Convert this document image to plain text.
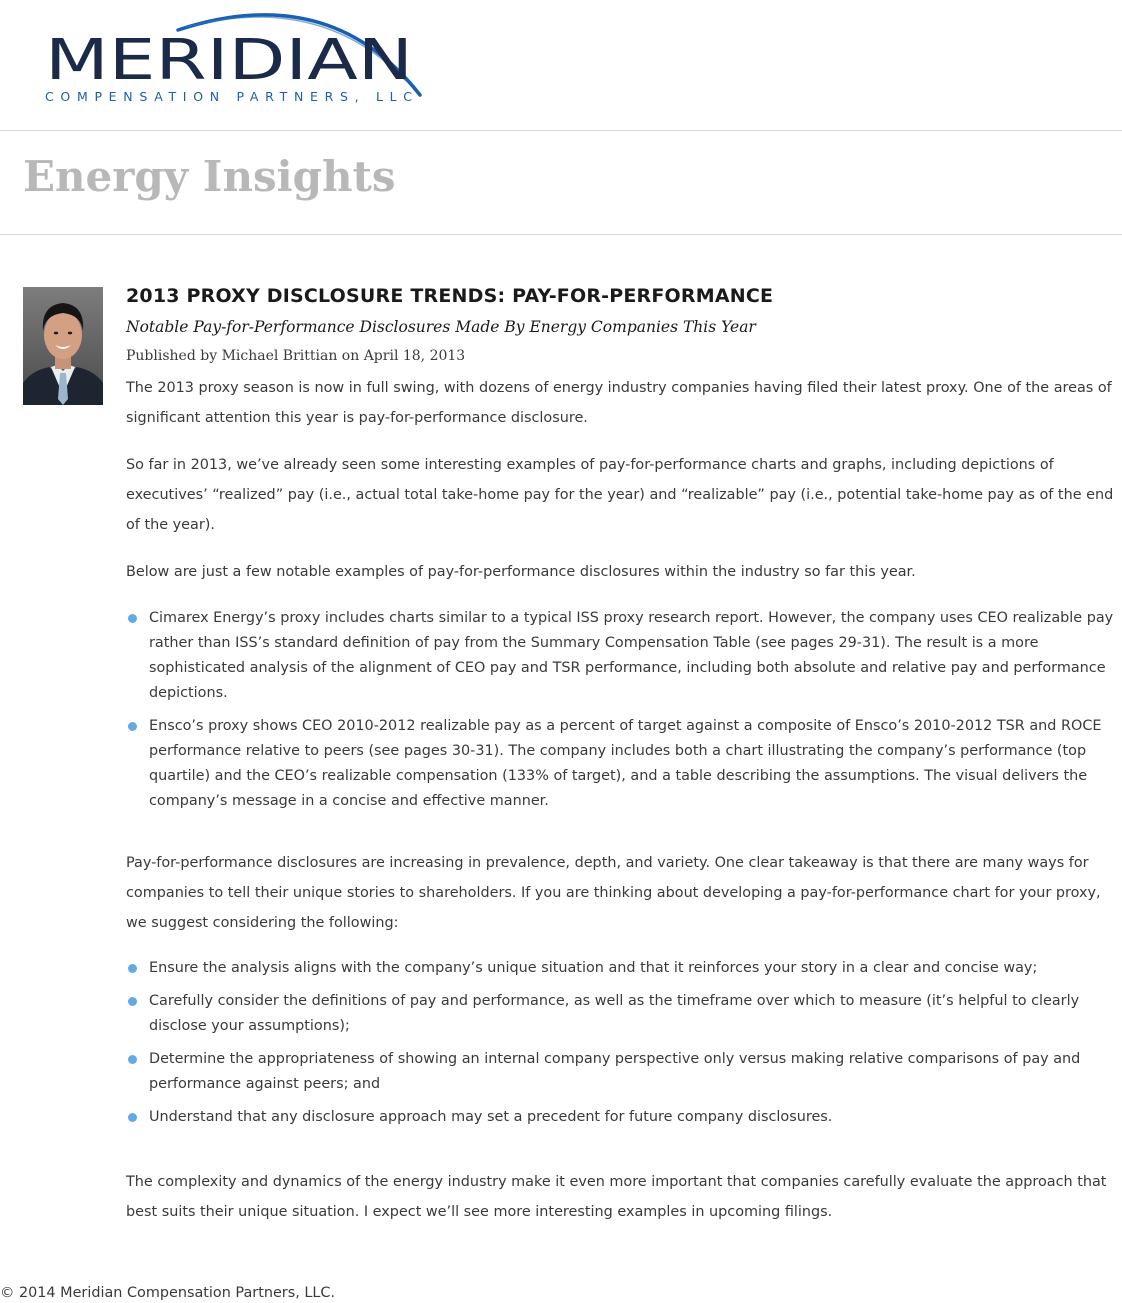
MERIDIAN
COMPENSATION PARTNERS, LLC
Energy Insights
2013 PROXY DISCLOSURE TRENDS: PAY-FOR-PERFORMANCE
Notable Pay-for-Performance Disclosures Made By Energy Companies This Year
Published by Michael Brittian on April 18, 2013

The 2013 proxy season is now in full swing, with dozens of energy industry companies having filed their latest proxy. One of the areas of significant attention this year is pay-for-performance disclosure.

So far in 2013, we’ve already seen some interesting examples of pay-for-performance charts and graphs, including depictions of executives’ “realized” pay (i.e., actual total take-home pay for the year) and “realizable” pay (i.e., potential take-home pay as of the end of the year).

Below are just a few notable examples of pay-for-performance disclosures within the industry so far this year.

Cimarex Energy’s proxy includes charts similar to a typical ISS proxy research report. However, the company uses CEO realizable pay rather than ISS’s standard definition of pay from the Summary Compensation Table (see pages 29-31). The result is a more sophisticated analysis of the alignment of CEO pay and TSR performance, including both absolute and relative pay and performance depictions.
Ensco’s proxy shows CEO 2010-2012 realizable pay as a percent of target against a composite of Ensco’s 2010-2012 TSR and ROCE performance relative to peers (see pages 30-31). The company includes both a chart illustrating the company’s performance (top quartile) and the CEO’s realizable compensation (133% of target), and a table describing the assumptions. The visual delivers the company’s message in a concise and effective manner.

Pay-for-performance disclosures are increasing in prevalence, depth, and variety. One clear takeaway is that there are many ways for companies to tell their unique stories to shareholders. If you are thinking about developing a pay-for-performance chart for your proxy, we suggest considering the following:

Ensure the analysis aligns with the company’s unique situation and that it reinforces your story in a clear and concise way;
Carefully consider the definitions of pay and performance, as well as the timeframe over which to measure (it’s helpful to clearly disclose your assumptions);
Determine the appropriateness of showing an internal company perspective only versus making relative comparisons of pay and performance against peers; and
Understand that any disclosure approach may set a precedent for future company disclosures.

The complexity and dynamics of the energy industry make it even more important that companies carefully evaluate the approach that best suits their unique situation. I expect we’ll see more interesting examples in upcoming filings.

© 2014 Meridian Compensation Partners, LLC.
